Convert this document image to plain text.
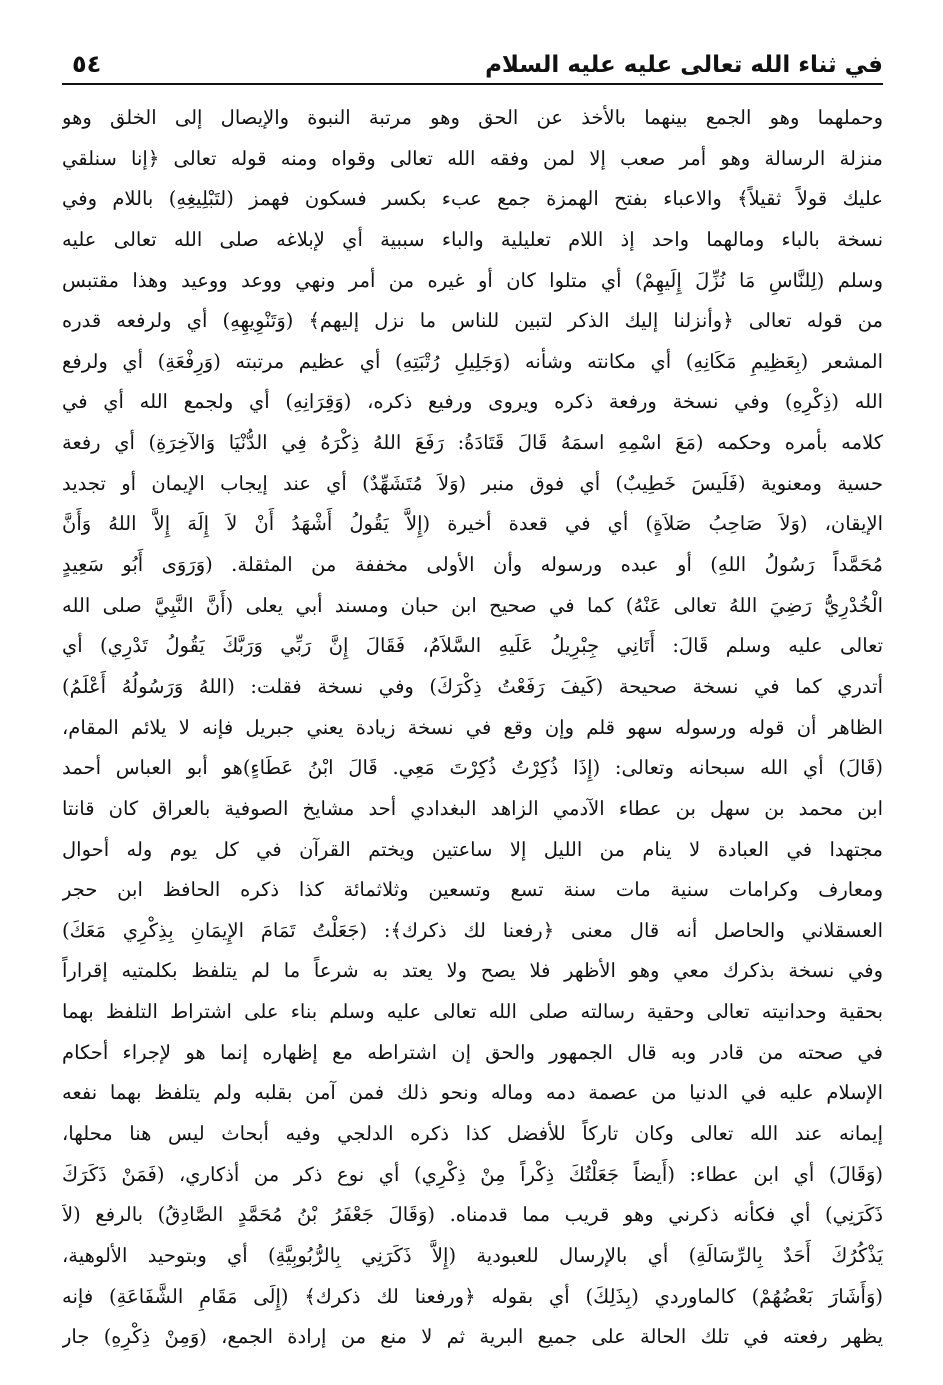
في ثناء الله تعالى عليه عليه السلام
٥٤
وحملهما وهو الجمع بينهما بالأخذ عن الحق وهو مرتبة النبوة والإيصال إلى الخلق وهو
منزلة الرسالة وهو أمر صعب إلا لمن وفقه الله تعالى وقواه ومنه قوله تعالى ﴿إنا سنلقي
عليك قولاً ثقيلاً﴾ والاعباء بفتح الهمزة جمع عبء بكسر فسكون فهمز (لتَبْلِيغِهِ) باللام وفي
نسخة بالباء ومالهما واحد إذ اللام تعليلية والباء سببية أي لإبلاغه صلى الله تعالى عليه
وسلم (لِلنَّاسِ مَا نُزِّلَ إِلَيهِمْ) أي متلوا كان أو غيره من أمر ونهي ووعد ووعيد وهذا مقتبس
من قوله تعالى ﴿وأنزلنا إليك الذكر لتبين للناس ما نزل إليهم﴾ (وَتَنْوِيهِهِ) أي ولرفعه قدره
المشعر (بِعَظِيمِ مَكَانِهِ) أي مكانته وشأنه (وَجَلِيلِ رُتْبَتِهِ) أي عظيم مرتبته (وَرِفْعَةِ) أي ولرفع
الله (ذِكْرِهِ) وفي نسخة ورفعة ذكره ويروى ورفيع ذكره، (وَقِرَانِهِ) أي ولجمع الله أي في
كلامه بأمره وحكمه (مَعَ اسْمِهِ اسمَهُ قَالَ قَتَادَةُ: رَفَعَ اللهُ ذِكْرَهُ فِي الدُّنْيَا وَالآخِرَةِ) أي رفعة
حسية ومعنوية (فَلَيسَ خَطِيبٌ) أي فوق منبر (وَلاَ مُتَشَهِّدٌ) أي عند إيجاب الإيمان أو تجديد
الإيقان، (وَلاَ صَاحِبُ صَلاَةٍ) أي في قعدة أخيرة (إِلاَّ يَقُولُ أَشْهَدُ أَنْ لاَ إِلَهَ إِلاَّ اللهُ وَأَنَّ
مُحَمَّداً رَسُولُ اللهِ) أو عبده ورسوله وأن الأولى مخففة من المثقلة. (وَرَوَى أَبُو سَعِيدٍ
الْخُدْرِيُّ رَضِيَ اللهُ تعالى عَنْهُ) كما في صحيح ابن حبان ومسند أبي يعلى (أَنَّ النَّبِيَّ صلى الله
تعالى عليه وسلم قَالَ: أَتَانِي جِبْرِيلُ عَلَيهِ السَّلاَمُ، فَقَالَ إِنَّ رَبِّي وَرَبَّكَ يَقُولُ تَدْرِي) أي
أتدري كما في نسخة صحيحة (كَيفَ رَفَعْتُ ذِكْرَكَ) وفي نسخة فقلت: (اللهُ وَرَسُولُهُ أَعْلَمُ)
الظاهر أن قوله ورسوله سهو قلم وإن وقع في نسخة زيادة يعني جبريل فإنه لا يلائم المقام،
(قَالَ) أي الله سبحانه وتعالى: (إِذَا ذُكِرْتُ ذُكِرْتَ مَعِي. قَالَ ابْنُ عَطَاءٍ)هو أبو العباس أحمد
ابن محمد بن سهل بن عطاء الآدمي الزاهد البغدادي أحد مشايخ الصوفية بالعراق كان قانتا
مجتهدا في العبادة لا ينام من الليل إلا ساعتين ويختم القرآن في كل يوم وله أحوال
ومعارف وكرامات سنية مات سنة تسع وتسعين وثلاثمائة كذا ذكره الحافظ ابن حجر
العسقلاني والحاصل أنه قال معنى ﴿رفعنا لك ذكرك﴾: (جَعَلْتُ تَمَامَ الإِيمَانِ بِذِكْرِي مَعَكَ)
وفي نسخة بذكرك معي وهو الأظهر فلا يصح ولا يعتد به شرعاً ما لم يتلفظ بكلمتيه إقراراً
بحقية وحدانيته تعالى وحقية رسالته صلى الله تعالى عليه وسلم بناء على اشتراط التلفظ بهما
في صحته من قادر وبه قال الجمهور والحق إن اشتراطه مع إظهاره إنما هو لإجراء أحكام
الإسلام عليه في الدنيا من عصمة دمه وماله ونحو ذلك فمن آمن بقلبه ولم يتلفظ بهما نفعه
إيمانه عند الله تعالى وكان تاركاً للأفضل كذا ذكره الدلجي وفيه أبحاث ليس هنا محلها،
(وَقَالَ) أي ابن عطاء: (أَيضاً جَعَلْتُكَ ذِكْراً مِنْ ذِكْرِي) أي نوع ذكر من أذكاري، (فَمَنْ ذَكَرَكَ
ذَكَرَنِي) أي فكأنه ذكرني وهو قريب مما قدمناه. (وَقَالَ جَعْفَرُ بْنُ مُحَمَّدٍ الصَّادِقُ) بالرفع (لاَ
يَذْكُرُكَ أَحَدٌ بِالرِّسَالَةِ) أي بالإرسال للعبودية (إِلاَّ ذَكَرَنِي بِالرُّبُوبِيَّةِ) أي وبتوحيد الألوهية،
(وَأَشَارَ بَعْضُهُمْ) كالماوردي (بِذَلِكَ) أي بقوله ﴿ورفعنا لك ذكرك﴾ (إِلَى مَقَامِ الشَّفَاعَةِ) فإنه
يظهر رفعته في تلك الحالة على جميع البرية ثم لا منع من إرادة الجمع، (وَمِنْ ذِكْرِهِ) جار
